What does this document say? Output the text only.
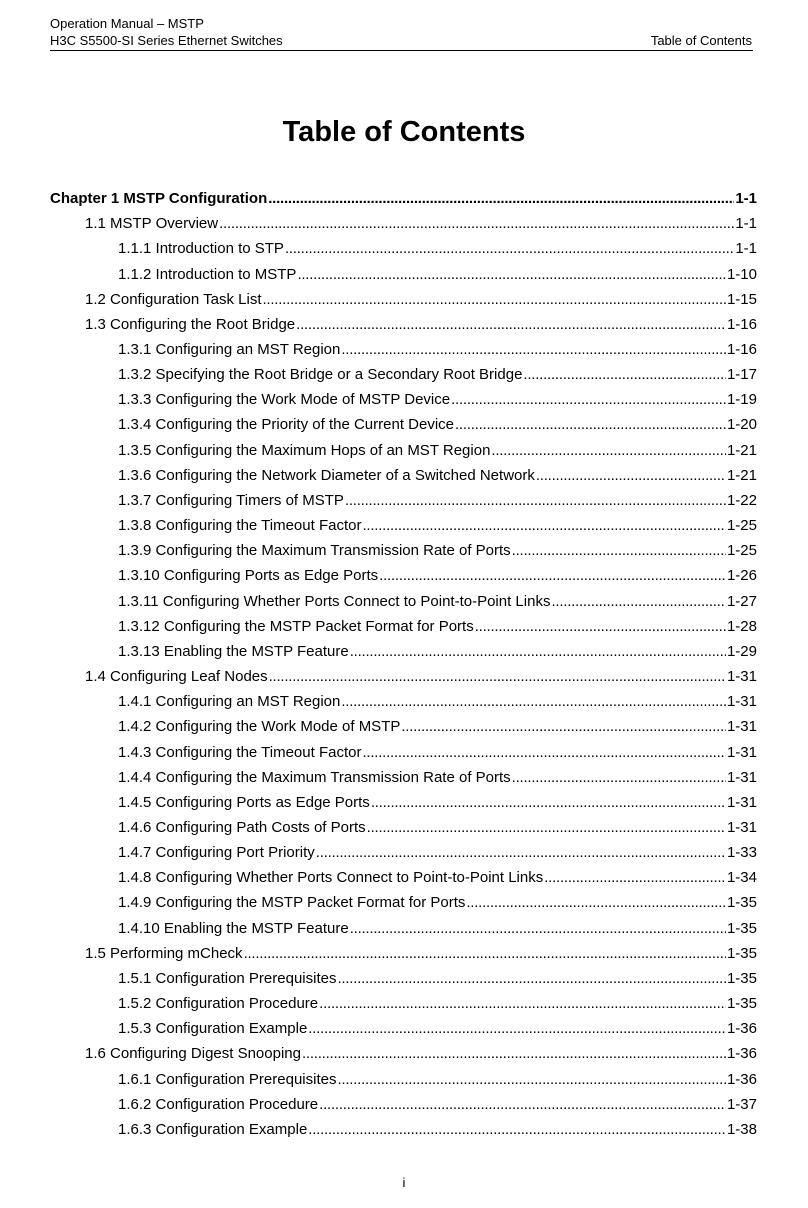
Operation Manual – MSTP
H3C S5500-SI Series Ethernet Switches	Table of Contents
Table of Contents
Chapter 1 MSTP Configuration . . .	1-1
1.1 MSTP Overview . . .	1-1
1.1.1 Introduction to STP . . .	1-1
1.1.2 Introduction to MSTP . . .	1-10
1.2 Configuration Task List . . .	1-15
1.3 Configuring the Root Bridge . . .	1-16
1.3.1 Configuring an MST Region . . .	1-16
1.3.2 Specifying the Root Bridge or a Secondary Root Bridge . . .	1-17
1.3.3 Configuring the Work Mode of MSTP Device . . .	1-19
1.3.4 Configuring the Priority of the Current Device . . .	1-20
1.3.5 Configuring the Maximum Hops of an MST Region . . .	1-21
1.3.6 Configuring the Network Diameter of a Switched Network . . .	1-21
1.3.7 Configuring Timers of MSTP . . .	1-22
1.3.8 Configuring the Timeout Factor . . .	1-25
1.3.9 Configuring the Maximum Transmission Rate of Ports . . .	1-25
1.3.10 Configuring Ports as Edge Ports . . .	1-26
1.3.11 Configuring Whether Ports Connect to Point-to-Point Links . . .	1-27
1.3.12 Configuring the MSTP Packet Format for Ports . . .	1-28
1.3.13 Enabling the MSTP Feature . . .	1-29
1.4 Configuring Leaf Nodes . . .	1-31
1.4.1 Configuring an MST Region . . .	1-31
1.4.2 Configuring the Work Mode of MSTP . . .	1-31
1.4.3 Configuring the Timeout Factor . . .	1-31
1.4.4 Configuring the Maximum Transmission Rate of Ports . . .	1-31
1.4.5 Configuring Ports as Edge Ports . . .	1-31
1.4.6 Configuring Path Costs of Ports . . .	1-31
1.4.7 Configuring Port Priority . . .	1-33
1.4.8 Configuring Whether Ports Connect to Point-to-Point Links . . .	1-34
1.4.9 Configuring the MSTP Packet Format for Ports . . .	1-35
1.4.10 Enabling the MSTP Feature . . .	1-35
1.5 Performing mCheck . . .	1-35
1.5.1 Configuration Prerequisites . . .	1-35
1.5.2 Configuration Procedure . . .	1-35
1.5.3 Configuration Example . . .	1-36
1.6 Configuring Digest Snooping . . .	1-36
1.6.1 Configuration Prerequisites . . .	1-36
1.6.2 Configuration Procedure . . .	1-37
1.6.3 Configuration Example . . .	1-38
i
